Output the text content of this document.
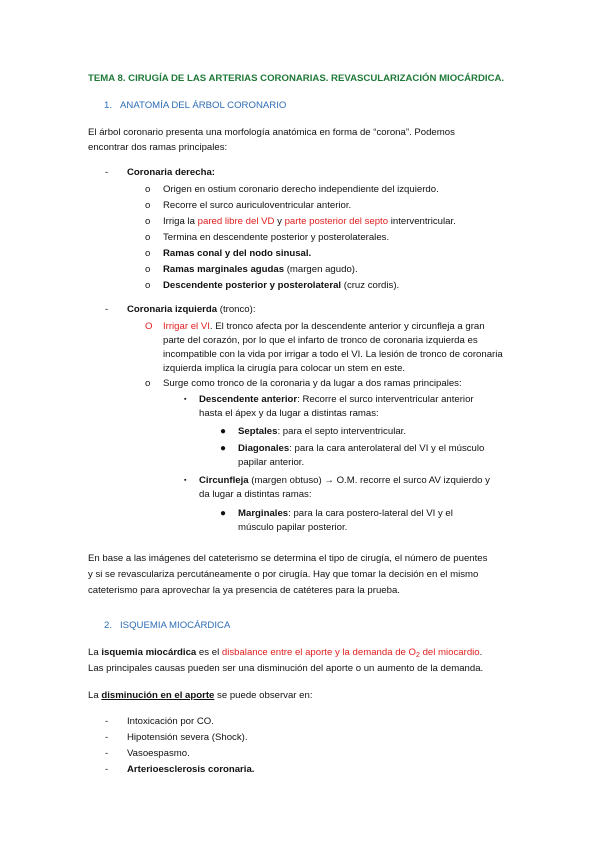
TEMA 8. CIRUGÍA DE LAS ARTERIAS CORONARIAS. REVASCULARIZACIÓN MIOCÁRDICA.
1. ANATOMÍA DEL ÁRBOL CORONARIO
El árbol coronario presenta una morfología anatómica en forma de “corona”. Podemos
encontrar dos ramas principales:
- Coronaria derecha:
o Origen en ostium coronario derecho independiente del izquierdo.
o Recorre el surco auriculoventricular anterior.
o Irriga la pared libre del VD y parte posterior del septo interventricular.
o Termina en descendente posterior y posterolaterales.
o Ramas conal y del nodo sinusal.
o Ramas marginales agudas (margen agudo).
o Descendente posterior y posterolateral (cruz cordis).
- Coronaria izquierda (tronco):
O Irrigar el VI. El tronco afecta por la descendente anterior y circunfleja a gran
parte del corazón, por lo que el infarto de tronco de coronaria izquierda es
incompatible con la vida por irrigar a todo el VI. La lesión de tronco de coronaria
izquierda implica la cirugía para colocar un stem en este.
o Surge como tronco de la coronaria y da lugar a dos ramas principales:
▪ Descendente anterior: Recorre el surco interventricular anterior
hasta el ápex y da lugar a distintas ramas:
● Septales: para el septo interventricular.
● Diagonales: para la cara anterolateral del VI y el músculo
papilar anterior.
▪ Circunfleja (margen obtuso) → O.M. recorre el surco AV izquierdo y
da lugar a distintas ramas:
● Marginales: para la cara postero-lateral del VI y el
músculo papilar posterior.
En base a las imágenes del cateterismo se determina el tipo de cirugía, el número de puentes
y si se revasculariza percutáneamente o por cirugía. Hay que tomar la decisión en el mismo
cateterismo para aprovechar la ya presencia de catéteres para la prueba.
2. ISQUEMIA MIOCÁRDICA
La isquemia miocárdica es el disbalance entre el aporte y la demanda de $O_2$ del miocardio.
Las principales causas pueden ser una disminución del aporte o un aumento de la demanda.
La disminución en el aporte se puede observar en:
- Intoxicación por CO.
- Hipotensión severa (Shock).
- Vasoespasmo.
- Arterioesclerosis coronaria.
